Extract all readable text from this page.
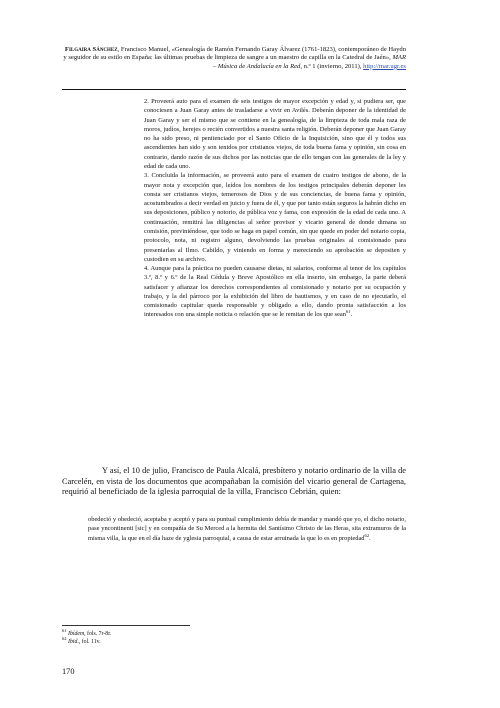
Filgaira Sánchez, Francisco Manuel, «Genealogía de Ramón Fernando Garay Álvarez (1761-1823), contemporáneo de Haydn y seguidor de su estilo en España: las últimas pruebas de limpieza de sangre a un maestro de capilla en la Catedral de Jaén», MAR – Música de Andalucía en la Red, n.º 1 (invierno, 2011), http://mar.ugr.es

2. Proveerá auto para el examen de seis testigos de mayor excepción y edad y, si pudiera ser, que conociesen a Juan Garay antes de trasladarse a vivir en Avilés. Deberán deponer de la identidad de Juan Garay y ser el mismo que se contiene en la genealogía, de la limpieza de toda mala raza de moros, judíos, herejes o recién convertidos a nuestra santa religión. Deberán deponer que Juan Garay no ha sido preso, ni penitenciado por el Santo Oficio de la Inquisición, sino que él y todos sus ascendientes han sido y son tenidos por cristianos viejos, de toda buena fama y opinión, sin cosa en contrario, dando razón de sus dichos por las noticias que de ello tengan con las generales de la ley y edad de cada uno.

3. Concluida la información, se proveerá auto para el examen de cuatro testigos de abono, de la mayor nota y excepción que, leídos los nombres de los testigos principales deberán deponer les consta ser cristianos viejos, temerosos de Dios y de sus conciencias, de buena fama y opinión, acostumbrados a decir verdad en juicio y fuera de él, y que por tanto están seguros la habrán dicho en sus deposiciones, público y notorio, de pública voz y fama, con expresión de la edad de cada uno. A continuación, remitirá las diligencias al señor provisor y vicario general de donde dimana su comisión, previniéndose, que todo se haga en papel común, sin que quede en poder del notario copia, protocolo, nota, ni registro alguno, devolviendo las pruebas originales al comisionado para presentarlas al Ilmo. Cabildo, y viniendo en forma y mereciendo su aprobación se depositen y custodien en su archivo.

4. Aunque para la práctica no pueden causarse dietas, ni salarios, conforme al tenor de los capítulos 3.º, 8.º y 6.º de la Real Cédula y Breve Apostólico en ella inserto, sin embargo, la parte deberá satisfacer y afianzar los derechos correspondientes al comisionado y notario por su ocupación y trabajo, y la del párroco por la exhibición del libro de bautismos, y en caso de no ejecutarlo, el comisionado capitular queda responsable y obligado a ello, dando pronta satisfacción a los interesados con una simple noticia o relación que se le remitan de los que sean$^{61}$.

Y así, el 10 de julio, Francisco de Paula Alcalá, presbítero y notario ordinario de la villa de Carcelén, en vista de los documentos que acompañaban la comisión del vicario general de Cartagena, requirió al beneficiado de la iglesia parroquial de la villa, Francisco Cebrián, quien:

obedeció y obedeció, aceptaba y aceptó y para su puntual cumplimiento debía de mandar y mandó que yo, el dicho notario, pase yncontinenti [sic] y en compañía de Su Merced a la hermita del Santísimo Christo de las Heras, sita extramuros de la misma villa, la que en el día haze de yglesia parroquial, a causa de estar arruinada la que lo es en propiedad$^{62}$.

$^{61}$ Ibídem, fols. 7r-8r.

$^{62}$ Ibid., fol. 11v.

170
